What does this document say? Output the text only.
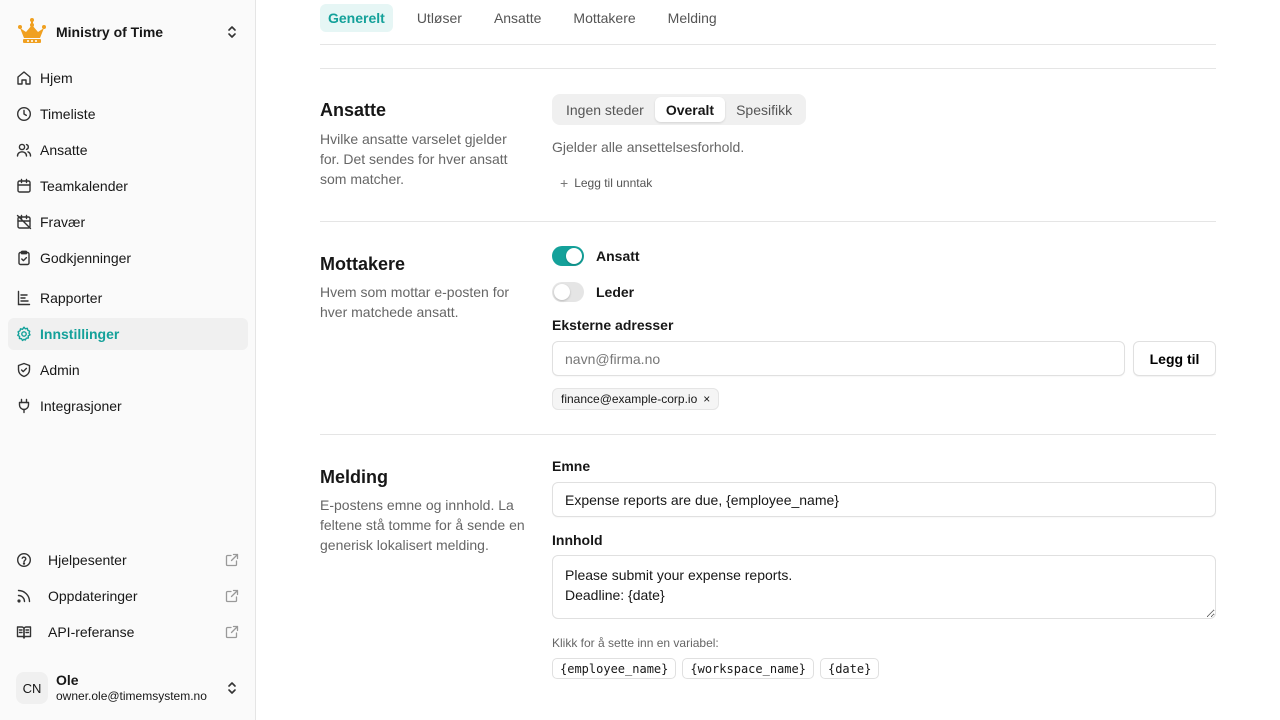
Ministry of Time
Hjem
Timeliste
Ansatte
Teamkalender
Fravær
Godkjenninger
Rapporter
Innstillinger
Admin
Integrasjoner
Hjelpesenter
Oppdateringer
API-referanse
CN	Ole
owner.ole@timemsystem.no
Generelt	Utløser	Ansatte	Mottakere	Melding
Ansatte

Hvilke ansatte varselet gjelder for. Det sendes for hver ansatt som matcher.

Ingen steder	Overalt	Spesifikk
Gjelder alle ansettelsesforhold.
+ Legg til unntak
Mottakere

Hvem som mottar e-posten for hver matchede ansatt.

Ansatt
Leder
Eksterne adresser
navn@firma.no
Legg til
finance@example-corp.io ×
Melding

E-postens emne og innhold. La feltene stå tomme for å sende en generisk lokalisert melding.

Emne
Expense reports are due, {employee_name}
Innhold
Please submit your expense reports. Deadline: {date}
Klikk for å sette inn en variabel:
{employee_name}	{workspace_name}	{date}
